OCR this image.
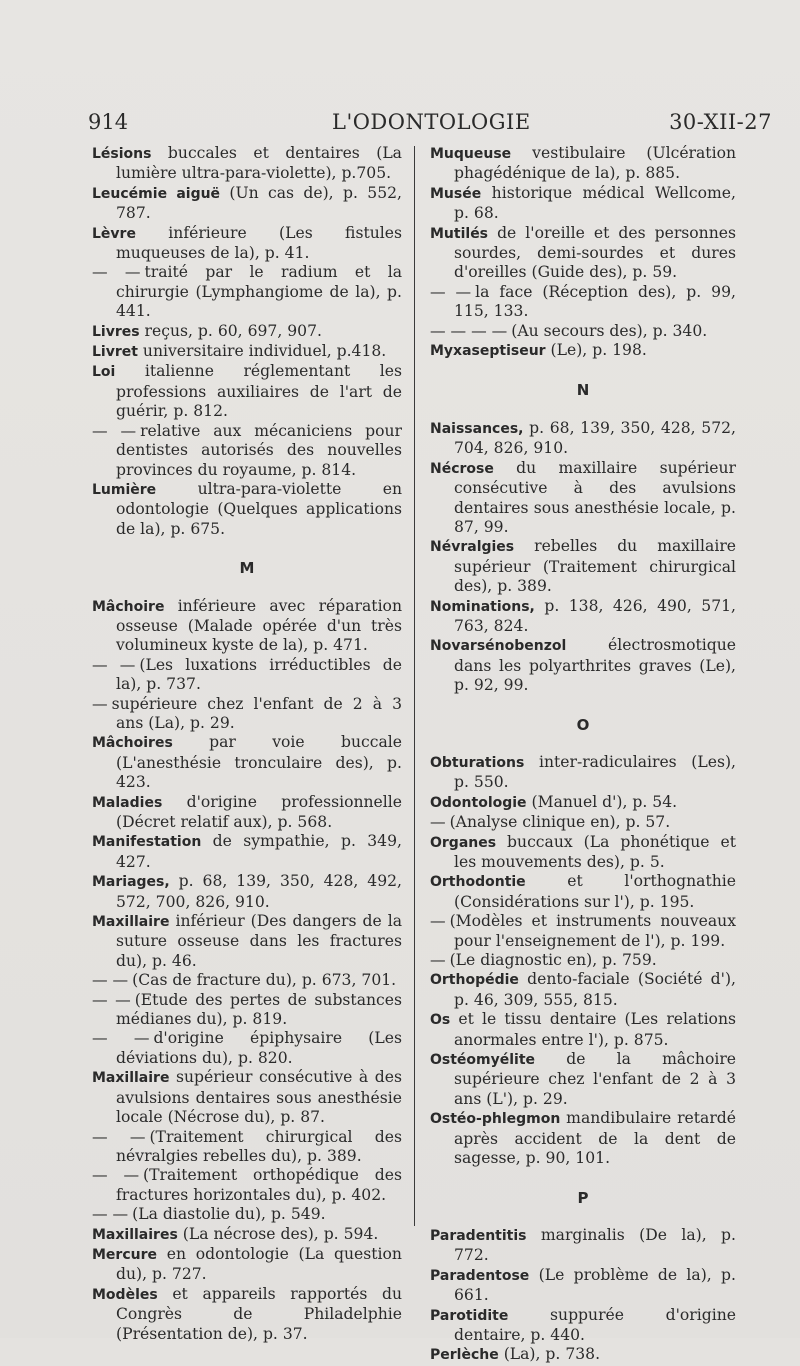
914	L'ODONTOLOGIE	30-XII-27

Lésions buccales et dentaires (La lumière ultra-para-violette), p.705.

Leucémie aiguë (Un cas de), p. 552, 787.

Lèvre inférieure (Les fistules muqueuses de la), p. 41.

— — traité par le radium et la chirurgie (Lymphangiome de la), p. 441.

Livres reçus, p. 60, 697, 907.

Livret universitaire individuel, p.418.

Loi italienne réglementant les professions auxiliaires de l'art de guérir, p. 812.

— — relative aux mécaniciens pour dentistes autorisés des nouvelles provinces du royaume, p. 814.

Lumière	ultra-para-violette en odontologie (Quelques applications de la), p. 675.

M

Mâchoire inférieure avec réparation osseuse (Malade opérée d'un très volumineux kyste de la), p. 471.

— — (Les luxations irréductibles de la), p. 737.

— supérieure chez l'enfant de 2 à 3 ans (La), p. 29.

Mâchoires par voie buccale (L'anesthésie tronculaire des), p. 423.

Maladies d'origine professionnelle (Décret relatif aux), p. 568.

Manifestation de sympathie, p. 349, 427.

Mariages, p. 68, 139, 350, 428, 492, 572, 700, 826, 910.

Maxillaire inférieur (Des dangers de la suture osseuse dans les fractures du), p. 46.

— — (Cas de fracture du), p. 673, 701.

— — (Etude des pertes de substances médianes du), p. 819.

— — d'origine épiphysaire (Les déviations du), p. 820.

Maxillaire supérieur consécutive à des avulsions dentaires sous anesthésie locale (Nécrose du), p. 87.

— — (Traitement chirurgical des névralgies rebelles du), p. 389.

— — (Traitement orthopédique des fractures horizontales du), p. 402.

— — (La diastolie du), p. 549.

Maxillaires (La nécrose des), p. 594.

Mercure en odontologie (La question du), p. 727.

Modèles et appareils rapportés du Congrès de Philadelphie (Présentation de), p. 37.

Muqueuse vestibulaire (Ulcération phagédénique de la), p. 885.

Musée historique médical Wellcome, p. 68.

Mutilés de l'oreille et des personnes sourdes, demi-sourdes et dures d'oreilles (Guide des), p. 59.

— — la face (Réception des), p. 99, 115, 133.

— — — — (Au secours des), p. 340.

Myxaseptiseur (Le), p. 198.

N

Naissances, p. 68, 139, 350, 428, 572, 704, 826, 910.

Nécrose du maxillaire supérieur consécutive à des avulsions dentaires sous anesthésie locale, p. 87, 99.

Névralgies rebelles du maxillaire supérieur (Traitement chirurgical des), p. 389.

Nominations, p. 138, 426, 490, 571, 763, 824.

Novarsénobenzol	électrosmotique dans les polyarthrites graves (Le), p. 92, 99.

O

Obturations inter-radiculaires (Les), p. 550.

Odontologie (Manuel d'), p. 54.

— (Analyse clinique en), p. 57.

Organes buccaux (La phonétique et les mouvements des), p. 5.

Orthodontie	et l'orthognathie (Considérations sur l'), p. 195.

— (Modèles et instruments nouveaux pour l'enseignement de l'), p. 199.

— (Le diagnostic en), p. 759.

Orthopédie dento-faciale (Société d'), p. 46, 309, 555, 815.

Os et le tissu dentaire (Les relations anormales entre l'), p. 875.

Ostéomyélite de la mâchoire supérieure chez l'enfant de 2 à 3 ans (L'), p. 29.

Ostéo-phlegmon mandibulaire retardé après accident de la dent de sagesse, p. 90, 101.

P

Paradentitis marginalis (De la), p. 772.

Paradentose (Le problème de la), p. 661.

Parotidite	suppurée d'origine dentaire, p. 440.

Perlèche (La), p. 738.
